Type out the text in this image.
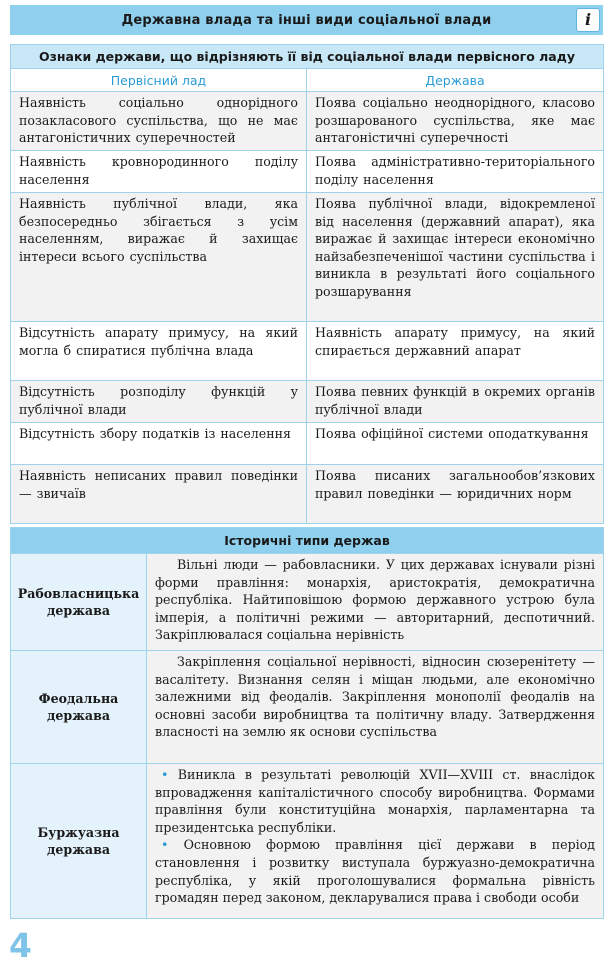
Державна влада та інші види соціальної влади	i
Ознаки держави, що відрізняють її від соціальної влади первісного ладу	
Первісний лад	Держава
Наявність соціально однорідного позакласового суспільства, що не має антагоністичних суперечностей	Поява соціально неоднорідного, класово розшарованого суспільства, яке має антагоністичні суперечності
Наявність кровнородинного поділу населення	Поява адміністративно-територіального поділу населення
Наявність публічної влади, яка безпосередньо збігається з усім населенням, виражає й захищає інтереси всього суспільства	Поява публічної влади, відокремленої від населення (державний апарат), яка виражає й захищає інтереси економічно найзабезпеченішої частини суспільства і виникла в результаті його соціального розшарування
Відсутність апарату примусу, на який могла б спиратися публічна влада	Наявність апарату примусу, на який спирається державний апарат
Відсутність розподілу функцій у публічної влади	Поява певних функцій в окремих органів публічної влади
Відсутність збору податків із населення	Поява офіційної системи оподаткування
Наявність неписаних правил поведінки — звичаїв	Поява писаних загальнообов’язкових правил поведінки — юридичних норм
Історичні типи держав	
Рабовласницька держава	Вільні люди — рабовласники. У цих державах існували різні форми правління: монархія, аристократія, демократична республіка. Найтиповішою формою державного устрою була імперія, а політичні режими — авторитарний, деспотичний. Закріплювалася соціальна нерівність

Феодальна держава	Закріплення соціальної нерівності, відносин сюзеренітету — васалітету. Визнання селян і міщан людьми, але економічно залежними від феодалів. Закріплення монополії феодалів на основні засоби виробництва та політичну владу. Затвердження власності на землю як основи суспільства

Буржуазна держава	• Виникла в результаті революцій XVII—XVIII ст. внаслідок впровадження капіталістичного способу виробництва. Формами правління були конституційна монархія, парламентарна та президентська республіки.
• Основною формою правління цієї держави в період становлення і розвитку виступала буржуазно-демократична республіка, у якій проголошувалися формальна рівність громадян перед законом, декларувалися права і свободи особи
4
